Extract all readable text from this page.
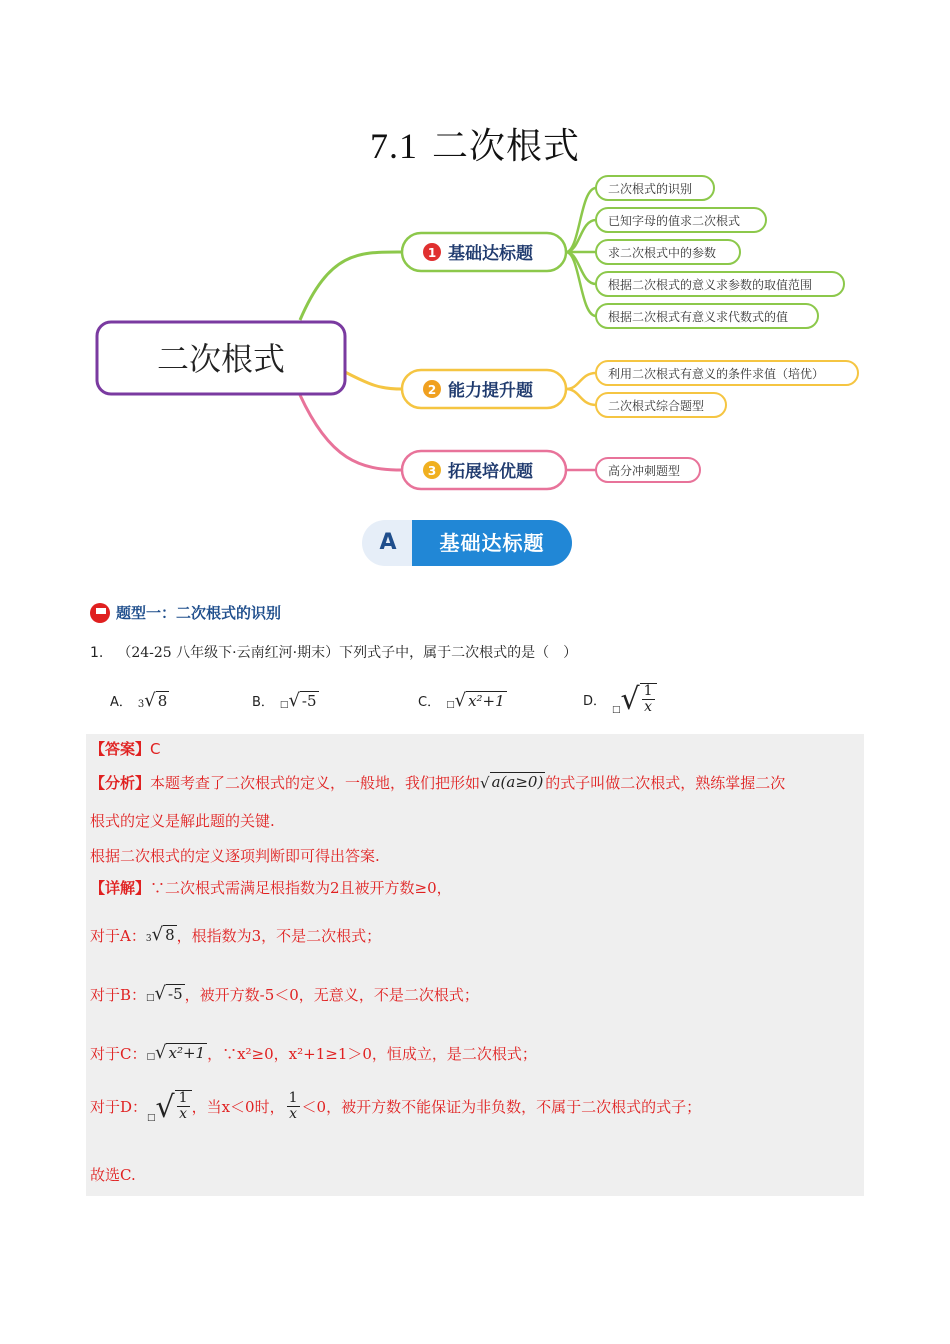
7.1 二次根式
二次根式
1 基础达标题
2 能力提升题
3 拓展培优题
二次根式的识别
已知字母的值求二次根式
求二次根式中的参数
根据二次根式的意义求参数的取值范围
根据二次根式有意义求代数式的值
利用二次根式有意义的条件求值（培优）
二次根式综合题型
高分冲刺题型
A	基础达标题
题型一：二次根式的识别
1. （24-25 八年级下·云南红河·期末）下列式子中，属于二次根式的是（　）
A． 3 √ 8	B． □ √ -5	C． □ √ x²+1	D．
□ √ $\frac{1}{x}$
【答案】C
【分析】本题考查了二次根式的定义，一般地，我们把形如 √ a(a≥0) 的式子叫做二次根式，熟练掌握二次
根式的定义是解此题的关键.
根据二次根式的定义逐项判断即可得出答案.
【详解】∵二次根式需满足根指数为2且被开方数≥0，
对于A： 3 √ 8 ，根指数为3，不是二次根式；
对于B： □ √ -5 ，被开方数-5＜0，无意义，不是二次根式；
对于C： □ √ x²+1 ，∵x²≥0，x²+1≥1＞0，恒成立，是二次根式；
对于D：
□ √ $\frac{1}{x}$ ，当x＜0时， $\frac{1}{x} <0$， 被开方数不能保证为非负数，不属于二次根式的式子；
故选C.
